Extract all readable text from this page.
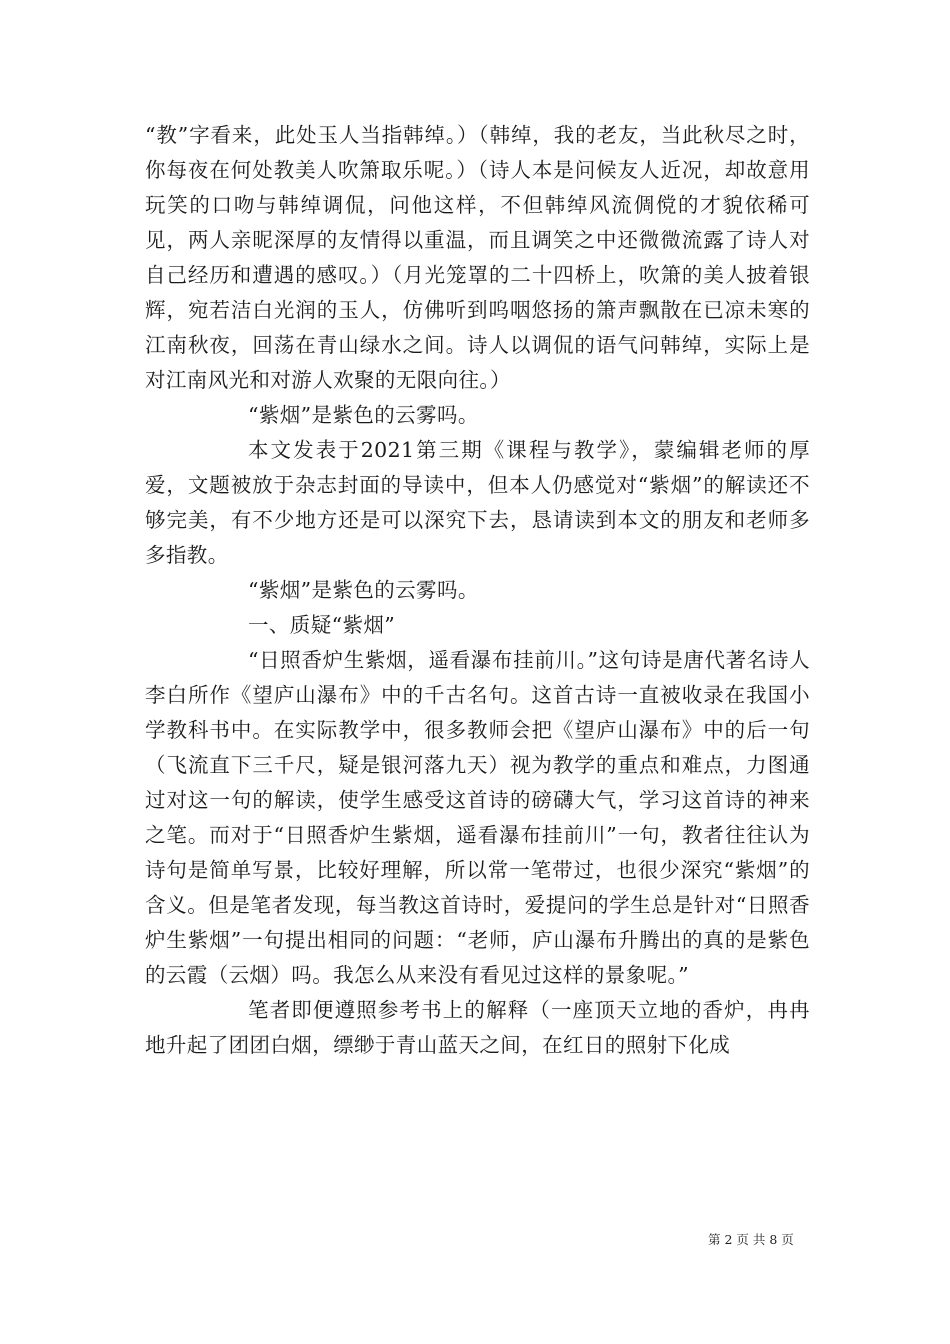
“教”字看来，此处玉人当指韩绰。）（韩绰，我的老友，当此秋尽之时，你每夜在何处教美人吹箫取乐呢。）（诗人本是问候友人近况，却故意用玩笑的口吻与韩绰调侃，问他这样，不但韩绰风流倜傥的才貌依稀可见，两人亲昵深厚的友情得以重温，而且调笑之中还微微流露了诗人对自己经历和遭遇的感叹。）（月光笼罩的二十四桥上，吹箫的美人披着银辉，宛若洁白光润的玉人，仿佛听到呜咽悠扬的箫声飘散在已凉未寒的江南秋夜，回荡在青山绿水之间。诗人以调侃的语气问韩绰，实际上是对江南风光和对游人欢聚的无限向往。）

“紫烟”是紫色的云雾吗。

本文发表于2021第三期《课程与教学》，蒙编辑老师的厚爱，文题被放于杂志封面的导读中，但本人仍感觉对“紫烟”的解读还不够完美，有不少地方还是可以深究下去，恳请读到本文的朋友和老师多多指教。

“紫烟”是紫色的云雾吗。

一、质疑“紫烟”

“日照香炉生紫烟，遥看瀑布挂前川。”这句诗是唐代著名诗人李白所作《望庐山瀑布》中的千古名句。这首古诗一直被收录在我国小学教科书中。在实际教学中，很多教师会把《望庐山瀑布》中的后一句（飞流直下三千尺，疑是银河落九天）视为教学的重点和难点，力图通过对这一句的解读，使学生感受这首诗的磅礴大气，学习这首诗的神来之笔。而对于“日照香炉生紫烟，遥看瀑布挂前川”一句，教者往往认为诗句是简单写景，比较好理解，所以常一笔带过，也很少深究“紫烟”的含义。但是笔者发现，每当教这首诗时，爱提问的学生总是针对“日照香炉生紫烟”一句提出相同的问题：“老师，庐山瀑布升腾出的真的是紫色的云霞（云烟）吗。我怎么从来没有看见过这样的景象呢。”

笔者即便遵照参考书上的解释（一座顶天立地的香炉，冉冉地升起了团团白烟，缥缈于青山蓝天之间，在红日的照射下化成

第 2 页 共 8 页
